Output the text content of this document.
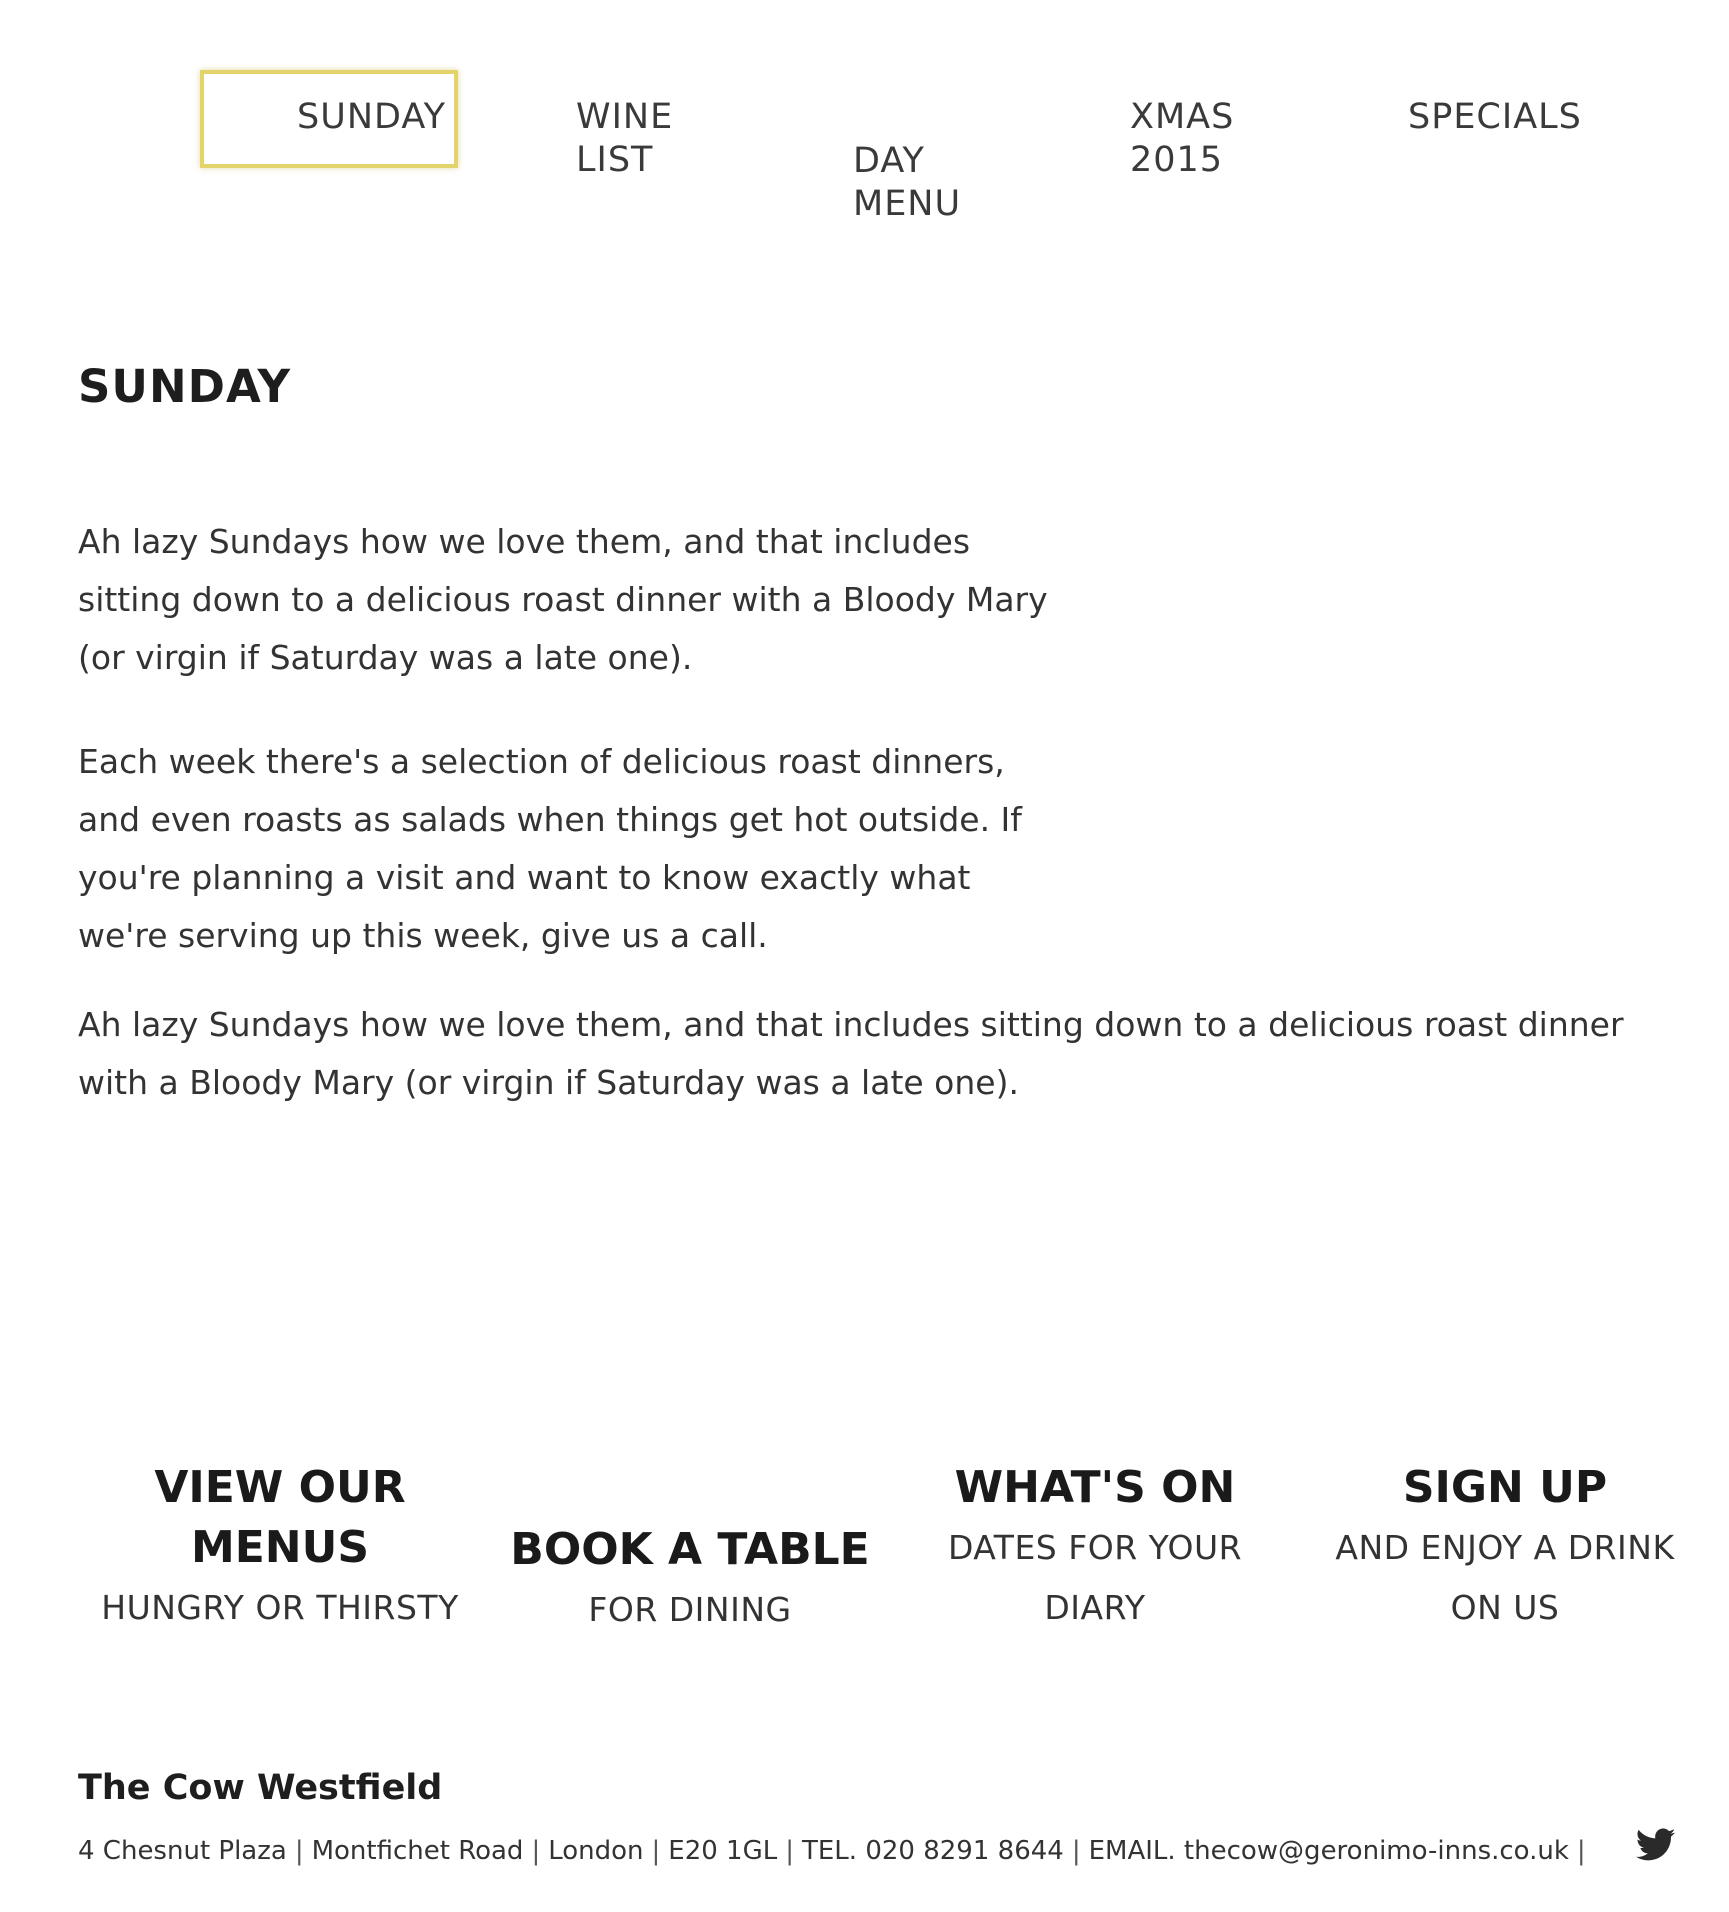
SUNDAY	WINE
LIST	DAY
MENU
XMAS
2015
SPECIALS
SUNDAY

Ah lazy Sundays how we love them, and that includes
sitting down to a delicious roast dinner with a Bloody Mary
(or virgin if Saturday was a late one).

Each week there's a selection of delicious roast dinners,
and even roasts as salads when things get hot outside. If
you're planning a visit and want to know exactly what
we're serving up this week, give us a call.

Ah lazy Sundays how we love them, and that includes sitting down to a delicious roast dinner
with a Bloody Mary (or virgin if Saturday was a late one).

VIEW OUR
MENUS
HUNGRY OR THIRSTY
BOOK A TABLE
FOR DINING
WHAT'S ON
DATES FOR YOUR
DIARY
SIGN UP
AND ENJOY A DRINK
ON US
The Cow Westfield
4 Chesnut Plaza | Montfichet Road | London | E20 1GL | TEL. 020 8291 8644 | EMAIL. thecow@geronimo-inns.co.uk |
